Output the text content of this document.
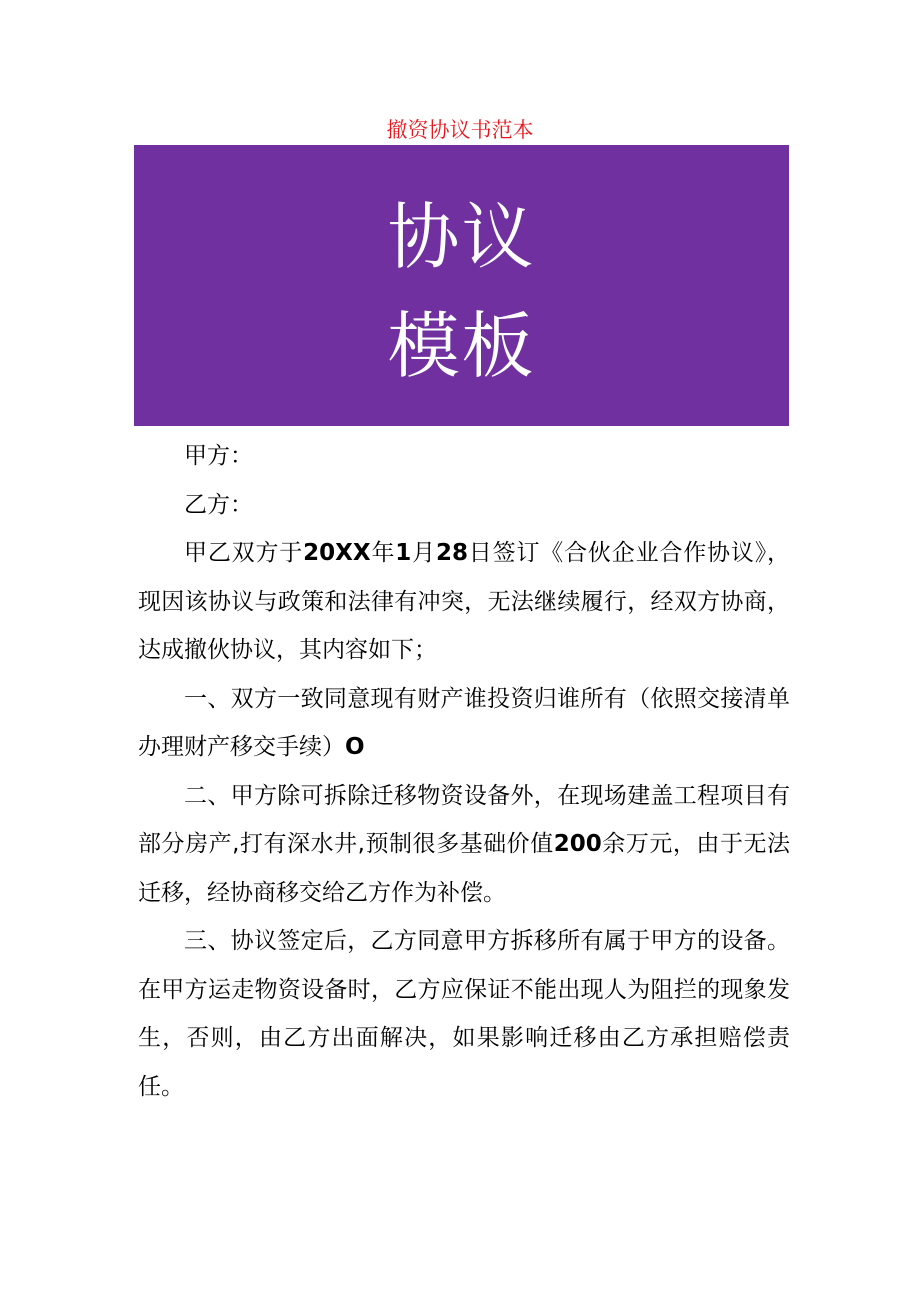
撤资协议书范本
协议
模板

甲方：

乙方：

甲乙双方于20XX年1月28日签订《合伙企业合作协议》，现因该协议与政策和法律有冲突，无法继续履行，经双方协商，达成撤伙协议，其内容如下；

一、双方一致同意现有财产谁投资归谁所有（依照交接清单办理财产移交手续）O

二、甲方除可拆除迁移物资设备外，在现场建盖工程项目有部分房产,打有深水井,预制很多基础价值200余万元，由于无法迁移，经协商移交给乙方作为补偿。

三、协议签定后，乙方同意甲方拆移所有属于甲方的设备。在甲方运走物资设备时，乙方应保证不能出现人为阻拦的现象发生，否则，由乙方出面解决，如果影响迁移由乙方承担赔偿责任。
